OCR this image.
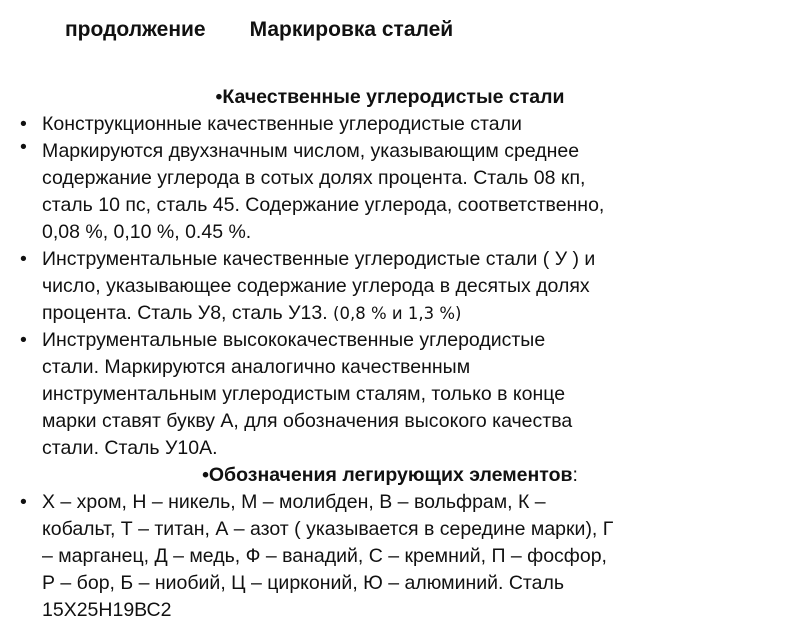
продолжение Маркировка сталей
•
•Качественные углеродистые стали
• Конструкционные качественные углеродистые стали
Маркируются двухзначным числом, указывающим среднее
содержание углерода в сотых долях процента. Сталь 08 кп,
сталь 10 пс, сталь 45. Содержание углерода, соответственно,
0,08 %, 0,10 %, 0.45 %.
• Инструментальные качественные углеродистые стали ( У ) и
число, указывающее содержание углерода в десятых долях
процента. Сталь У8, сталь У13. (0,8 % и 1,3 %)
• Инструментальные высококачественные углеродистые
стали. Маркируются аналогично качественным
инструментальным углеродистым сталям, только в конце
марки ставят букву А, для обозначения высокого качества
стали. Сталь У10А.
•Обозначения легирующих элементов:
• Х – хром, Н – никель, М – молибден, В – вольфрам, К –
кобальт, Т – титан, А – азот ( указывается в середине марки), Г
– марганец, Д – медь, Ф – ванадий, С – кремний, П – фосфор,
Р – бор, Б – ниобий, Ц – цирконий, Ю – алюминий. Сталь
15Х25Н19ВС2
